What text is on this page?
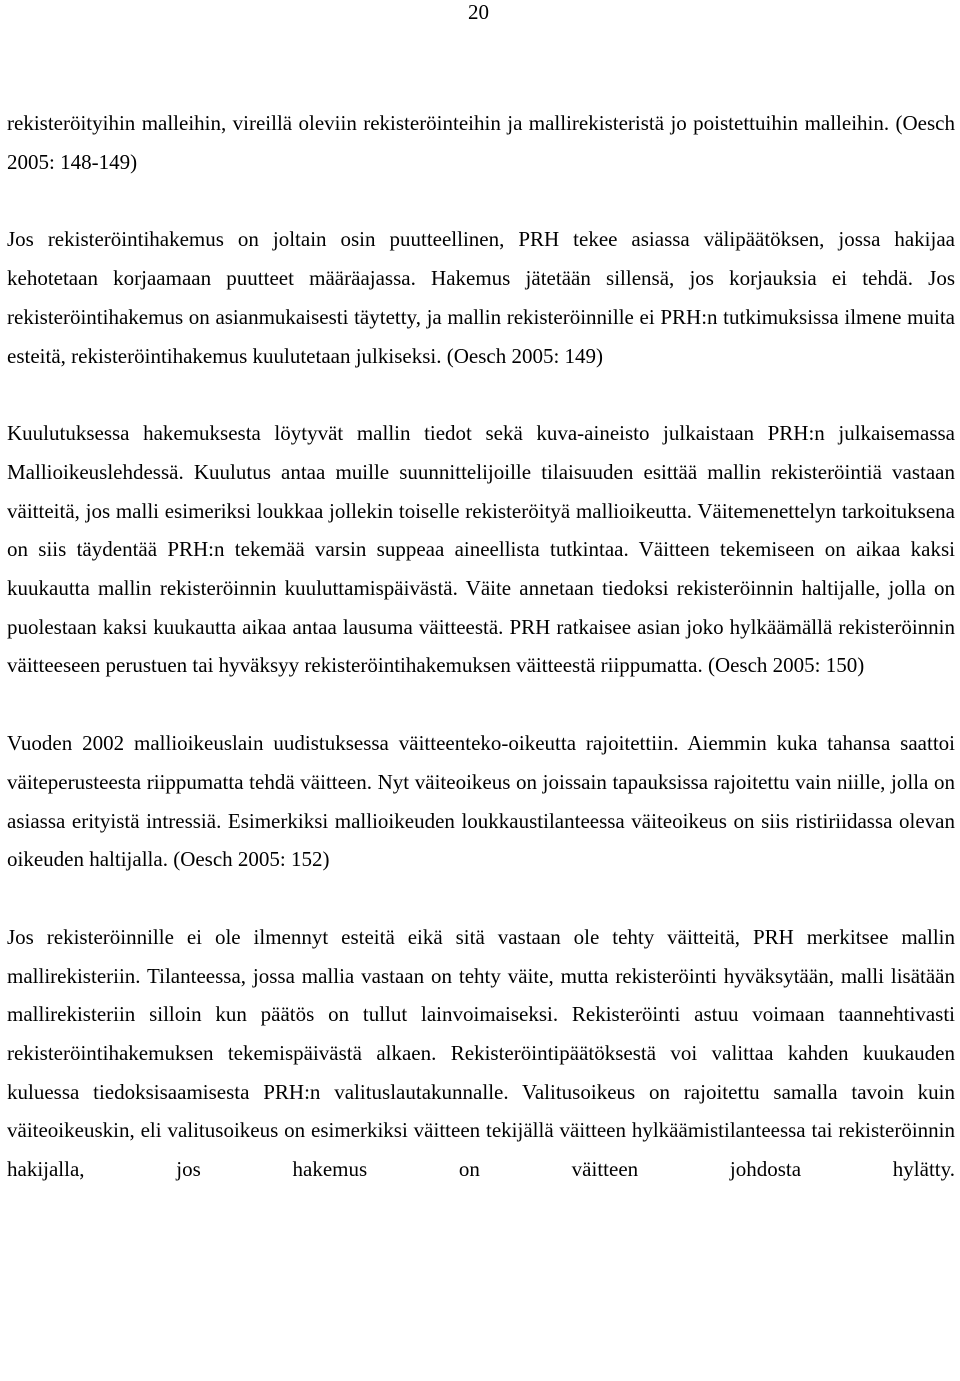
20

rekisteröityihin malleihin, vireillä oleviin rekisteröinteihin ja mallirekisteristä jo poistettuihin malleihin. (Oesch 2005: 148-149)

Jos rekisteröintihakemus on joltain osin puutteellinen, PRH tekee asiassa välipäätöksen, jossa hakijaa kehotetaan korjaamaan puutteet määräajassa. Hakemus jätetään sillensä, jos korjauksia ei tehdä. Jos rekisteröintihakemus on asianmukaisesti täytetty, ja mallin rekisteröinnille ei PRH:n tutkimuksissa ilmene muita esteitä, rekisteröintihakemus kuulutetaan julkiseksi. (Oesch 2005: 149)

Kuulutuksessa hakemuksesta löytyvät mallin tiedot sekä kuva-aineisto julkaistaan PRH:n julkaisemassa Mallioikeuslehdessä. Kuulutus antaa muille suunnittelijoille tilaisuuden esittää mallin rekisteröintiä vastaan väitteitä, jos malli esimeriksi loukkaa jollekin toiselle rekisteröityä mallioikeutta. Väitemenettelyn tarkoituksena on siis täydentää PRH:n tekemää varsin suppeaa aineellista tutkintaa. Väitteen tekemiseen on aikaa kaksi kuukautta mallin rekisteröinnin kuuluttamispäivästä. Väite annetaan tiedoksi rekisteröinnin haltijalle, jolla on puolestaan kaksi kuukautta aikaa antaa lausuma väitteestä. PRH ratkaisee asian joko hylkäämällä rekisteröinnin väitteeseen perustuen tai hyväksyy rekisteröintihakemuksen väitteestä riippumatta. (Oesch 2005: 150)

Vuoden 2002 mallioikeuslain uudistuksessa väitteenteko-oikeutta rajoitettiin. Aiemmin kuka tahansa saattoi väiteperusteesta riippumatta tehdä väitteen. Nyt väiteoikeus on joissain tapauksissa rajoitettu vain niille, jolla on asiassa erityistä intressiä. Esimerkiksi mallioikeuden loukkaustilanteessa väiteoikeus on siis ristiriidassa olevan oikeuden haltijalla. (Oesch 2005: 152)

Jos rekisteröinnille ei ole ilmennyt esteitä eikä sitä vastaan ole tehty väitteitä, PRH merkitsee mallin mallirekisteriin. Tilanteessa, jossa mallia vastaan on tehty väite, mutta rekisteröinti hyväksytään, malli lisätään mallirekisteriin silloin kun päätös on tullut lainvoimaiseksi. Rekisteröinti astuu voimaan taannehtivasti rekisteröintihakemuksen tekemispäivästä alkaen. Rekisteröintipäätöksestä voi valittaa kahden kuukauden kuluessa tiedoksisaamisesta PRH:n valituslautakunnalle. Valitusoikeus on rajoitettu samalla tavoin kuin väiteoikeuskin, eli valitusoikeus on esimerkiksi väitteen tekijällä väitteen hylkäämistilanteessa tai rekisteröinnin hakijalla, jos hakemus on väitteen johdosta hylätty.
